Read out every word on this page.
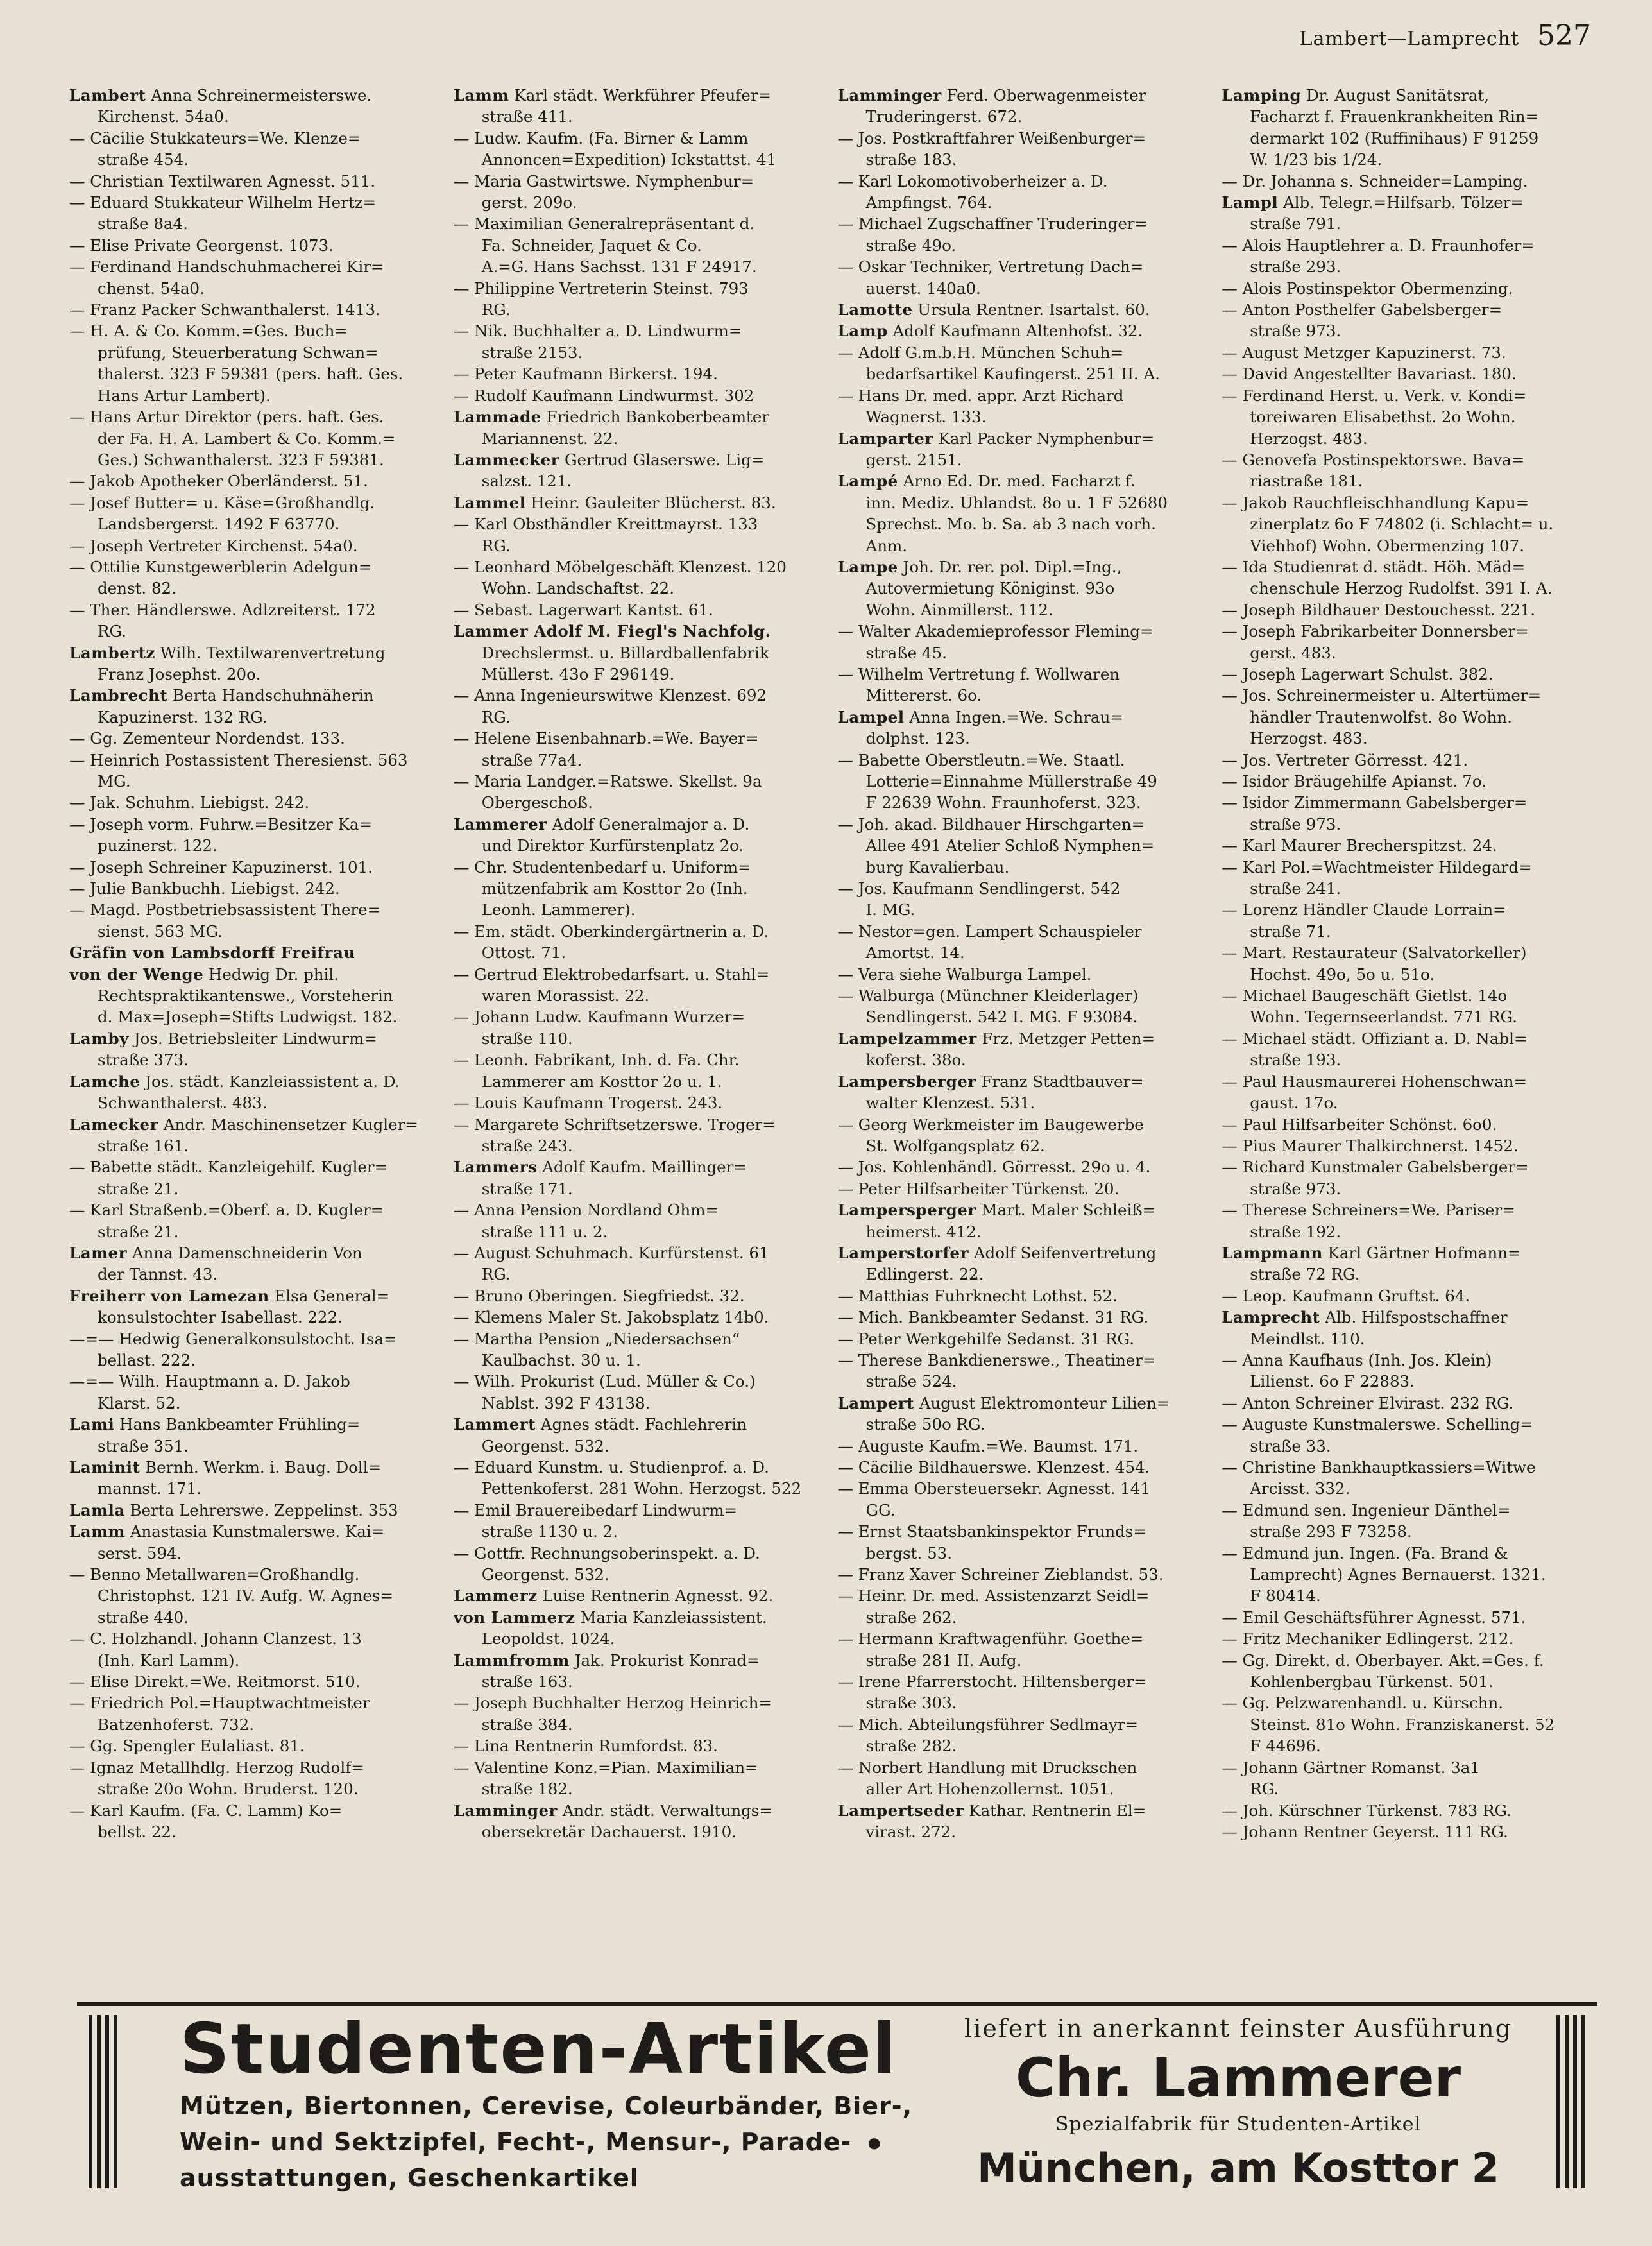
Lambert—Lamprecht 527
Lambert Anna Schreinermeisterswe.
Kirchenst. 54a0.
— Cäcilie Stukkateurs=We. Klenze=
straße 454.
— Christian Textilwaren Agnesst. 511.
— Eduard Stukkateur Wilhelm Hertz=
straße 8a4.
— Elise Private Georgenst. 1073.
— Ferdinand Handschuhmacherei Kir=
chenst. 54a0.
— Franz Packer Schwanthalerst. 1413.
— H. A. & Co. Komm.=Ges. Buch=
prüfung, Steuerberatung Schwan=
thalerst. 323 F 59381 (pers. haft. Ges.
Hans Artur Lambert).
— Hans Artur Direktor (pers. haft. Ges.
der Fa. H. A. Lambert & Co. Komm.=
Ges.) Schwanthalerst. 323 F 59381.
— Jakob Apotheker Oberländerst. 51.
— Josef Butter= u. Käse=Großhandlg.
Landsbergerst. 1492 F 63770.
— Joseph Vertreter Kirchenst. 54a0.
— Ottilie Kunstgewerblerin Adelgun=
denst. 82.
— Ther. Händlerswe. Adlzreiterst. 172
RG.
Lambertz Wilh. Textilwarenvertretung
Franz Josephst. 20o.
Lambrecht Berta Handschuhnäherin
Kapuzinerst. 132 RG.
— Gg. Zementeur Nordendst. 133.
— Heinrich Postassistent Theresienst. 563
MG.
— Jak. Schuhm. Liebigst. 242.
— Joseph vorm. Fuhrw.=Besitzer Ka=
puzinerst. 122.
— Joseph Schreiner Kapuzinerst. 101.
— Julie Bankbuchh. Liebigst. 242.
— Magd. Postbetriebsassistent There=
sienst. 563 MG.
Gräfin von Lambsdorff Freifrau
von der Wenge Hedwig Dr. phil.
Rechtspraktikantenswe., Vorsteherin
d. Max=Joseph=Stifts Ludwigst. 182.
Lamby Jos. Betriebsleiter Lindwurm=
straße 373.
Lamche Jos. städt. Kanzleiassistent a. D.
Schwanthalerst. 483.
Lamecker Andr. Maschinensetzer Kugler=
straße 161.
— Babette städt. Kanzleigehilf. Kugler=
straße 21.
— Karl Straßenb.=Oberf. a. D. Kugler=
straße 21.
Lamer Anna Damenschneiderin Von
der Tannst. 43.
Freiherr von Lamezan Elsa General=
konsulstochter Isabellast. 222.
—=— Hedwig Generalkonsulstocht. Isa=
bellast. 222.
—=— Wilh. Hauptmann a. D. Jakob
Klarst. 52.
Lami Hans Bankbeamter Frühling=
straße 351.
Laminit Bernh. Werkm. i. Baug. Doll=
mannst. 171.
Lamla Berta Lehrerswe. Zeppelinst. 353
Lamm Anastasia Kunstmalerswe. Kai=
serst. 594.
— Benno Metallwaren=Großhandlg.
Christophst. 121 IV. Aufg. W. Agnes=
straße 440.
— C. Holzhandl. Johann Clanzest. 13
(Inh. Karl Lamm).
— Elise Direkt.=We. Reitmorst. 510.
— Friedrich Pol.=Hauptwachtmeister
Batzenhoferst. 732.
— Gg. Spengler Eulaliast. 81.
— Ignaz Metallhdlg. Herzog Rudolf=
straße 20o Wohn. Bruderst. 120.
— Karl Kaufm. (Fa. C. Lamm) Ko=
bellst. 22.
Lamm Karl städt. Werkführer Pfeufer=
straße 411.
— Ludw. Kaufm. (Fa. Birner & Lamm
Annoncen=Expedition) Ickstattst. 41
— Maria Gastwirtswe. Nymphenbur=
gerst. 209o.
— Maximilian Generalrepräsentant d.
Fa. Schneider, Jaquet & Co.
A.=G. Hans Sachsst. 131 F 24917.
— Philippine Vertreterin Steinst. 793
RG.
— Nik. Buchhalter a. D. Lindwurm=
straße 2153.
— Peter Kaufmann Birkerst. 194.
— Rudolf Kaufmann Lindwurmst. 302
Lammade Friedrich Bankoberbeamter
Mariannenst. 22.
Lammecker Gertrud Glaserswe. Lig=
salzst. 121.
Lammel Heinr. Gauleiter Blücherst. 83.
— Karl Obsthändler Kreittmayrst. 133
RG.
— Leonhard Möbelgeschäft Klenzest. 120
Wohn. Landschaftst. 22.
— Sebast. Lagerwart Kantst. 61.
Lammer Adolf M. Fiegl's Nachfolg.
Drechslermst. u. Billardballenfabrik
Müllerst. 43o F 296149.
— Anna Ingenieurswitwe Klenzest. 692
RG.
— Helene Eisenbahnarb.=We. Bayer=
straße 77a4.
— Maria Landger.=Ratswe. Skellst. 9a
Obergeschoß.
Lammerer Adolf Generalmajor a. D.
und Direktor Kurfürstenplatz 2o.
— Chr. Studentenbedarf u. Uniform=
mützenfabrik am Kosttor 2o (Inh.
Leonh. Lammerer).
— Em. städt. Oberkindergärtnerin a. D.
Ottost. 71.
— Gertrud Elektrobedarfsart. u. Stahl=
waren Morassist. 22.
— Johann Ludw. Kaufmann Wurzer=
straße 110.
— Leonh. Fabrikant, Inh. d. Fa. Chr.
Lammerer am Kosttor 2o u. 1.
— Louis Kaufmann Trogerst. 243.
— Margarete Schriftsetzerswe. Troger=
straße 243.
Lammers Adolf Kaufm. Maillinger=
straße 171.
— Anna Pension Nordland Ohm=
straße 111 u. 2.
— August Schuhmach. Kurfürstenst. 61
RG.
— Bruno Oberingen. Siegfriedst. 32.
— Klemens Maler St. Jakobsplatz 14b0.
— Martha Pension „Niedersachsen“
Kaulbachst. 30 u. 1.
— Wilh. Prokurist (Lud. Müller & Co.)
Nablst. 392 F 43138.
Lammert Agnes städt. Fachlehrerin
Georgenst. 532.
— Eduard Kunstm. u. Studienprof. a. D.
Pettenkoferst. 281 Wohn. Herzogst. 522
— Emil Brauereibedarf Lindwurm=
straße 1130 u. 2.
— Gottfr. Rechnungsoberinspekt. a. D.
Georgenst. 532.
Lammerz Luise Rentnerin Agnesst. 92.
von Lammerz Maria Kanzleiassistent.
Leopoldst. 1024.
Lammfromm Jak. Prokurist Konrad=
straße 163.
— Joseph Buchhalter Herzog Heinrich=
straße 384.
— Lina Rentnerin Rumfordst. 83.
— Valentine Konz.=Pian. Maximilian=
straße 182.
Lamminger Andr. städt. Verwaltungs=
obersekretär Dachauerst. 1910.
Lamminger Ferd. Oberwagenmeister
Truderingerst. 672.
— Jos. Postkraftfahrer Weißenburger=
straße 183.
— Karl Lokomotivoberheizer a. D.
Ampfingst. 764.
— Michael Zugschaffner Truderinger=
straße 49o.
— Oskar Techniker, Vertretung Dach=
auerst. 140a0.
Lamotte Ursula Rentner. Isartalst. 60.
Lamp Adolf Kaufmann Altenhofst. 32.
— Adolf G.m.b.H. München Schuh=
bedarfsartikel Kaufingerst. 251 II. A.
— Hans Dr. med. appr. Arzt Richard
Wagnerst. 133.
Lamparter Karl Packer Nymphenbur=
gerst. 2151.
Lampé Arno Ed. Dr. med. Facharzt f.
inn. Mediz. Uhlandst. 8o u. 1 F 52680
Sprechst. Mo. b. Sa. ab 3 nach vorh.
Anm.
Lampe Joh. Dr. rer. pol. Dipl.=Ing.,
Autovermietung Königinst. 93o
Wohn. Ainmillerst. 112.
— Walter Akademieprofessor Fleming=
straße 45.
— Wilhelm Vertretung f. Wollwaren
Mittererst. 6o.
Lampel Anna Ingen.=We. Schrau=
dolphst. 123.
— Babette Oberstleutn.=We. Staatl.
Lotterie=Einnahme Müllerstraße 49
F 22639 Wohn. Fraunhoferst. 323.
— Joh. akad. Bildhauer Hirschgarten=
Allee 491 Atelier Schloß Nymphen=
burg Kavalierbau.
— Jos. Kaufmann Sendlingerst. 542
I. MG.
— Nestor=gen. Lampert Schauspieler
Amortst. 14.
— Vera siehe Walburga Lampel.
— Walburga (Münchner Kleiderlager)
Sendlingerst. 542 I. MG. F 93084.
Lampelzammer Frz. Metzger Petten=
koferst. 38o.
Lampersberger Franz Stadtbauver=
walter Klenzest. 531.
— Georg Werkmeister im Baugewerbe
St. Wolfgangsplatz 62.
— Jos. Kohlenhändl. Görresst. 29o u. 4.
— Peter Hilfsarbeiter Türkenst. 20.
Lampersperger Mart. Maler Schleiß=
heimerst. 412.
Lamperstorfer Adolf Seifenvertretung
Edlingerst. 22.
— Matthias Fuhrknecht Lothst. 52.
— Mich. Bankbeamter Sedanst. 31 RG.
— Peter Werkgehilfe Sedanst. 31 RG.
— Therese Bankdienerswe., Theatiner=
straße 524.
Lampert August Elektromonteur Lilien=
straße 50o RG.
— Auguste Kaufm.=We. Baumst. 171.
— Cäcilie Bildhauerswe. Klenzest. 454.
— Emma Obersteuersekr. Agnesst. 141
GG.
— Ernst Staatsbankinspektor Frunds=
bergst. 53.
— Franz Xaver Schreiner Zieblandst. 53.
— Heinr. Dr. med. Assistenzarzt Seidl=
straße 262.
— Hermann Kraftwagenführ. Goethe=
straße 281 II. Aufg.
— Irene Pfarrerstocht. Hiltensberger=
straße 303.
— Mich. Abteilungsführer Sedlmayr=
straße 282.
— Norbert Handlung mit Druckschen
aller Art Hohenzollernst. 1051.
Lampertseder Kathar. Rentnerin El=
virast. 272.
Lamping Dr. August Sanitätsrat,
Facharzt f. Frauenkrankheiten Rin=
dermarkt 102 (Ruffinihaus) F 91259
W. 1/23 bis 1/24.
— Dr. Johanna s. Schneider=Lamping.
Lampl Alb. Telegr.=Hilfsarb. Tölzer=
straße 791.
— Alois Hauptlehrer a. D. Fraunhofer=
straße 293.
— Alois Postinspektor Obermenzing.
— Anton Posthelfer Gabelsberger=
straße 973.
— August Metzger Kapuzinerst. 73.
— David Angestellter Bavariast. 180.
— Ferdinand Herst. u. Verk. v. Kondi=
toreiwaren Elisabethst. 2o Wohn.
Herzogst. 483.
— Genovefa Postinspektorswe. Bava=
riastraße 181.
— Jakob Rauchfleischhandlung Kapu=
zinerplatz 6o F 74802 (i. Schlacht= u.
Viehhof) Wohn. Obermenzing 107.
— Ida Studienrat d. städt. Höh. Mäd=
chenschule Herzog Rudolfst. 391 I. A.
— Joseph Bildhauer Destouchesst. 221.
— Joseph Fabrikarbeiter Donnersber=
gerst. 483.
— Joseph Lagerwart Schulst. 382.
— Jos. Schreinermeister u. Altertümer=
händler Trautenwolfst. 8o Wohn.
Herzogst. 483.
— Jos. Vertreter Görresst. 421.
— Isidor Bräugehilfe Apianst. 7o.
— Isidor Zimmermann Gabelsberger=
straße 973.
— Karl Maurer Brecherspitzst. 24.
— Karl Pol.=Wachtmeister Hildegard=
straße 241.
— Lorenz Händler Claude Lorrain=
straße 71.
— Mart. Restaurateur (Salvatorkeller)
Hochst. 49o, 5o u. 51o.
— Michael Baugeschäft Gietlst. 14o
Wohn. Tegernseerlandst. 771 RG.
— Michael städt. Offiziant a. D. Nabl=
straße 193.
— Paul Hausmaurerei Hohenschwan=
gaust. 17o.
— Paul Hilfsarbeiter Schönst. 6o0.
— Pius Maurer Thalkirchnerst. 1452.
— Richard Kunstmaler Gabelsberger=
straße 973.
— Therese Schreiners=We. Pariser=
straße 192.
Lampmann Karl Gärtner Hofmann=
straße 72 RG.
— Leop. Kaufmann Gruftst. 64.
Lamprecht Alb. Hilfspostschaffner
Meindlst. 110.
— Anna Kaufhaus (Inh. Jos. Klein)
Lilienst. 6o F 22883.
— Anton Schreiner Elvirast. 232 RG.
— Auguste Kunstmalerswe. Schelling=
straße 33.
— Christine Bankhauptkassiers=Witwe
Arcisst. 332.
— Edmund sen. Ingenieur Dänthel=
straße 293 F 73258.
— Edmund jun. Ingen. (Fa. Brand &
Lamprecht) Agnes Bernauerst. 1321.
F 80414.
— Emil Geschäftsführer Agnesst. 571.
— Fritz Mechaniker Edlingerst. 212.
— Gg. Direkt. d. Oberbayer. Akt.=Ges. f.
Kohlenbergbau Türkenst. 501.
— Gg. Pelzwarenhandl. u. Kürschn.
Steinst. 81o Wohn. Franziskanerst. 52
F 44696.
— Johann Gärtner Romanst. 3a1
RG.
— Joh. Kürschner Türkenst. 783 RG.
— Johann Rentner Geyerst. 111 RG.
Studenten-Artikel
Mützen, Biertonnen, Cerevise, Coleurbänder, Bier-,
Wein- und Sektzipfel, Fecht-, Mensur-, Parade-
ausstattungen, Geschenkartikel
•
liefert in anerkannt feinster Ausführung
Chr. Lammerer
Spezialfabrik für Studenten-Artikel
München, am Kosttor 2
